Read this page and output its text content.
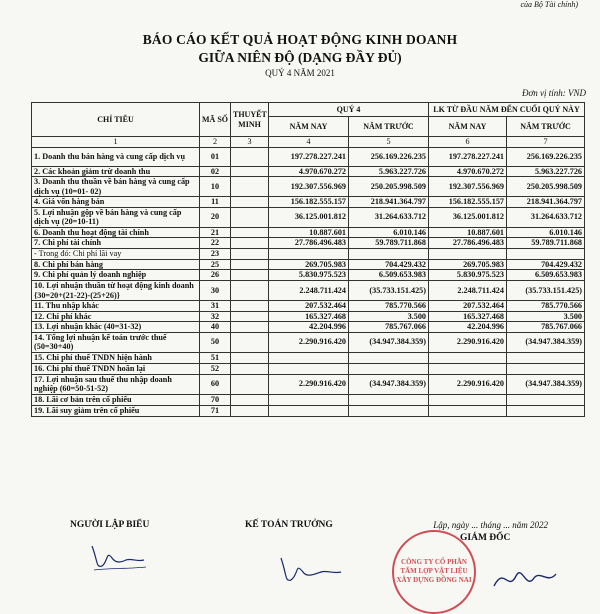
của Bộ Tài chính)
BÁO CÁO KẾT QUẢ HOẠT ĐỘNG KINH DOANH
GIỮA NIÊN ĐỘ (DẠNG ĐẦY ĐỦ)
QUÝ 4 NĂM 2021
Đơn vị tính: VND
CHỈ TIÊU	MÃ SỐ	THUYẾT MINH	QUÝ 4		LK TỪ ĐẦU NĂM ĐẾN CUỐI QUÝ NÀY	
			NĂM NAY	NĂM TRƯỚC	NĂM NAY	NĂM TRƯỚC

1	2	3	4	5	6	7
1. Doanh thu bán hàng và cung cấp dịch vụ	01		197.278.227.241	256.169.226.235	197.278.227.241	256.169.226.235
2. Các khoản giảm trừ doanh thu	02		4.970.670.272	5.963.227.726	4.970.670.272	5.963.227.726
3. Doanh thu thuần về bán hàng và cung cấp dịch vụ (10=01- 02)	10		192.307.556.969	250.205.998.509	192.307.556.969	250.205.998.509
4. Giá vốn hàng bán	11		156.182.555.157	218.941.364.797	156.182.555.157	218.941.364.797
5. Lợi nhuận gộp về bán hàng và cung cấp dịch vụ (20=10-11)	20		36.125.001.812	31.264.633.712	36.125.001.812	31.264.633.712
6. Doanh thu hoạt động tài chính	21		10.887.601	6.010.146	10.887.601	6.010.146
7. Chi phí tài chính	22		27.786.496.483	59.789.711.868	27.786.496.483	59.789.711.868
- Trong đó: Chi phí lãi vay	23					
8. Chi phí bán hàng	25		269.705.983	704.429.432	269.705.983	704.429.432
9. Chi phí quản lý doanh nghiệp	26		5.830.975.523	6.509.653.983	5.830.975.523	6.509.653.983
10. Lợi nhuận thuần từ hoạt động kinh doanh {30=20+(21-22)-(25+26)}	30		2.248.711.424	(35.733.151.425)	2.248.711.424	(35.733.151.425)
11. Thu nhập khác	31		207.532.464	785.770.566	207.532.464	785.770.566
12. Chi phí khác	32		165.327.468	3.500	165.327.468	3.500
13. Lợi nhuận khác (40=31-32)	40		42.204.996	785.767.066	42.204.996	785.767.066
14. Tổng lợi nhuận kế toán trước thuế (50=30+40)	50		2.290.916.420	(34.947.384.359)	2.290.916.420	(34.947.384.359)
15. Chi phí thuế TNDN hiện hành	51					
16. Chi phí thuế TNDN hoãn lại	52					
17. Lợi nhuận sau thuế thu nhập doanh nghiệp (60=50-51-52)	60		2.290.916.420	(34.947.384.359)	2.290.916.420	(34.947.384.359)
18. Lãi cơ bản trên cổ phiếu	70					
19. Lãi suy giảm trên cổ phiếu	71					
NGƯỜI LẬP BIỂU	KẾ TOÁN TRƯỞNG	Lập, ngày ... tháng ... năm 2022
GIÁM ĐỐC
CÔNG TY CỔ PHẦN TẤM LỢP VẬT LIỆU XÂY DỰNG ĐỒNG NAI
